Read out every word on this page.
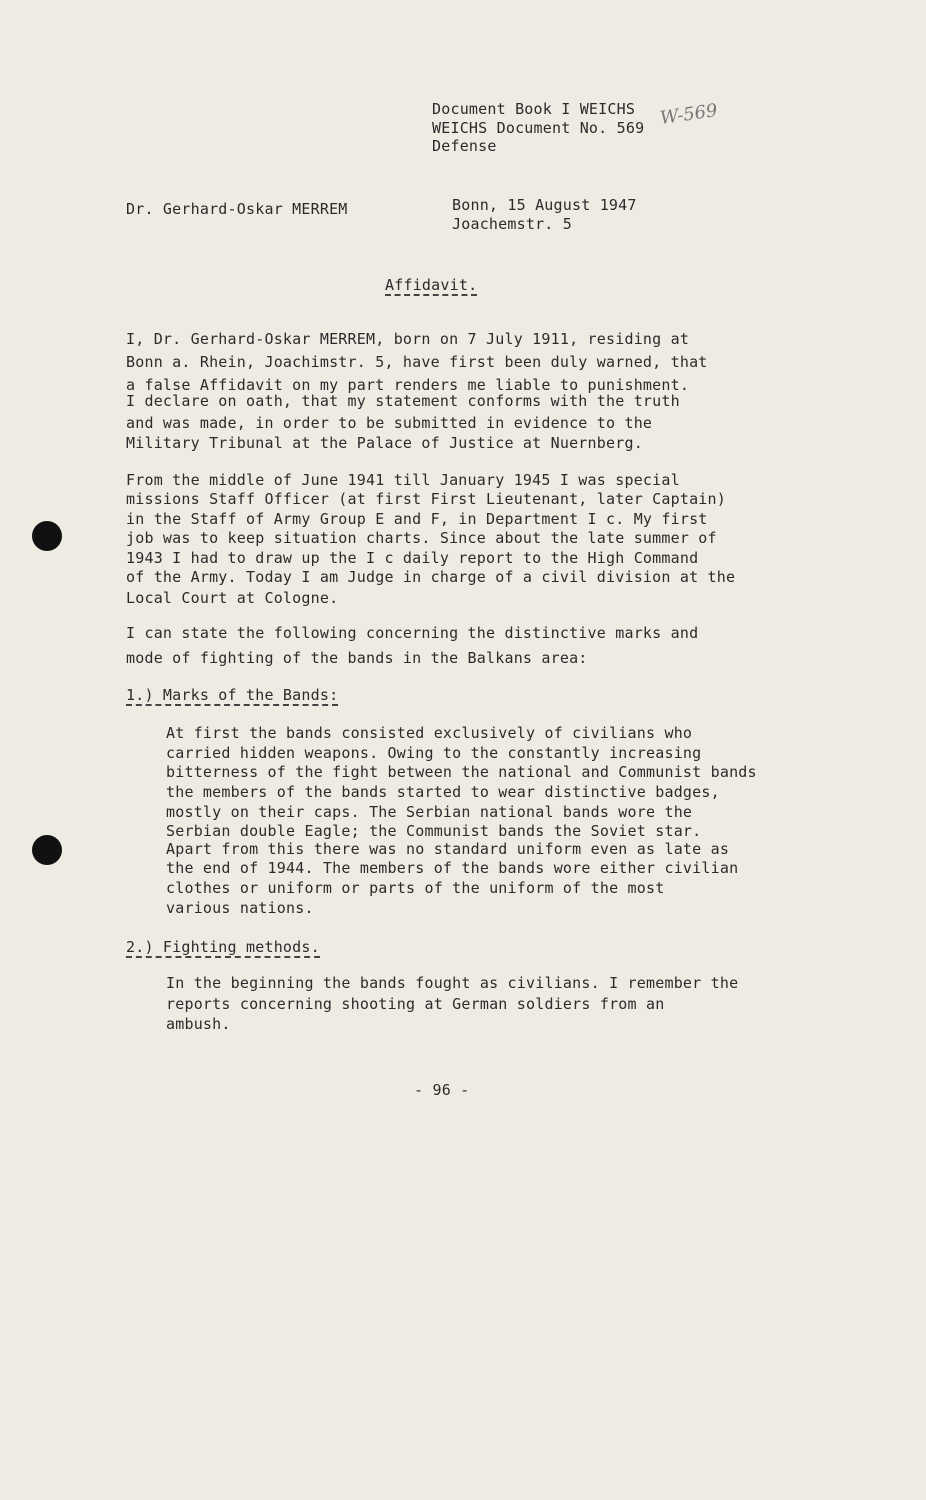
Document Book I WEICHS
WEICHS Document No. 569
Defense
W-569
Dr. Gerhard-Oskar MERREM	Bonn, 15 August 1947
Joachemstr. 5
Affidavit.
I, Dr. Gerhard-Oskar MERREM, born on 7 July 1911, residing at
Bonn a. Rhein, Joachimstr. 5, have first been duly warned, that
a false Affidavit on my part renders me liable to punishment.
I declare on oath, that my statement conforms with the truth
and was made, in order to be submitted in evidence to the
Military Tribunal at the Palace of Justice at Nuernberg.
From the middle of June 1941 till January 1945 I was special
missions Staff Officer (at first First Lieutenant, later Captain)
in the Staff of Army Group E and F, in Department I c. My first
job was to keep situation charts. Since about the late summer of
1943 I had to draw up the I c daily report to the High Command
of the Army. Today I am Judge in charge of a civil division at the
Local Court at Cologne.
I can state the following concerning the distinctive marks and
mode of fighting of the bands in the Balkans area:
1.) Marks of the Bands:
At first the bands consisted exclusively of civilians who
carried hidden weapons. Owing to the constantly increasing
bitterness of the fight between the national and Communist bands
the members of the bands started to wear distinctive badges,
mostly on their caps. The Serbian national bands wore the
Serbian double Eagle; the Communist bands the Soviet star.
Apart from this there was no standard uniform even as late as
the end of 1944. The members of the bands wore either civilian
clothes or uniform or parts of the uniform of the most
various nations.
2.) Fighting methods.
In the beginning the bands fought as civilians. I remember the
reports concerning shooting at German soldiers from an
ambush.
- 96 -
